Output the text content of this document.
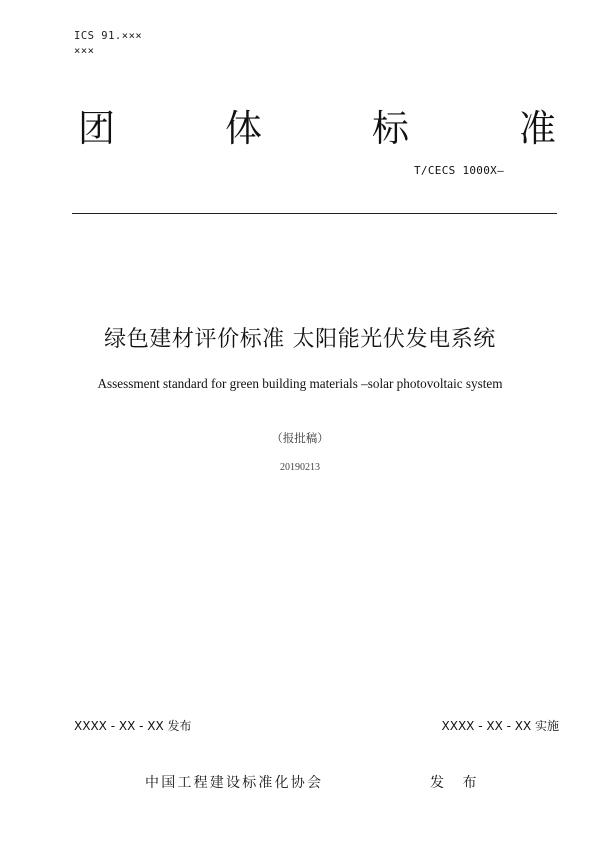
ICS 91.×××
×××
团	体	标	准
T/CECS 1000X—
绿色建材评价标准 太阳能光伏发电系统
Assessment standard for green building materials –solar photovoltaic system
（报批稿）
20190213
XXXX - XX - XX 发布	XXXX - XX - XX 实施
中国工程建设标准化协会	发 布
